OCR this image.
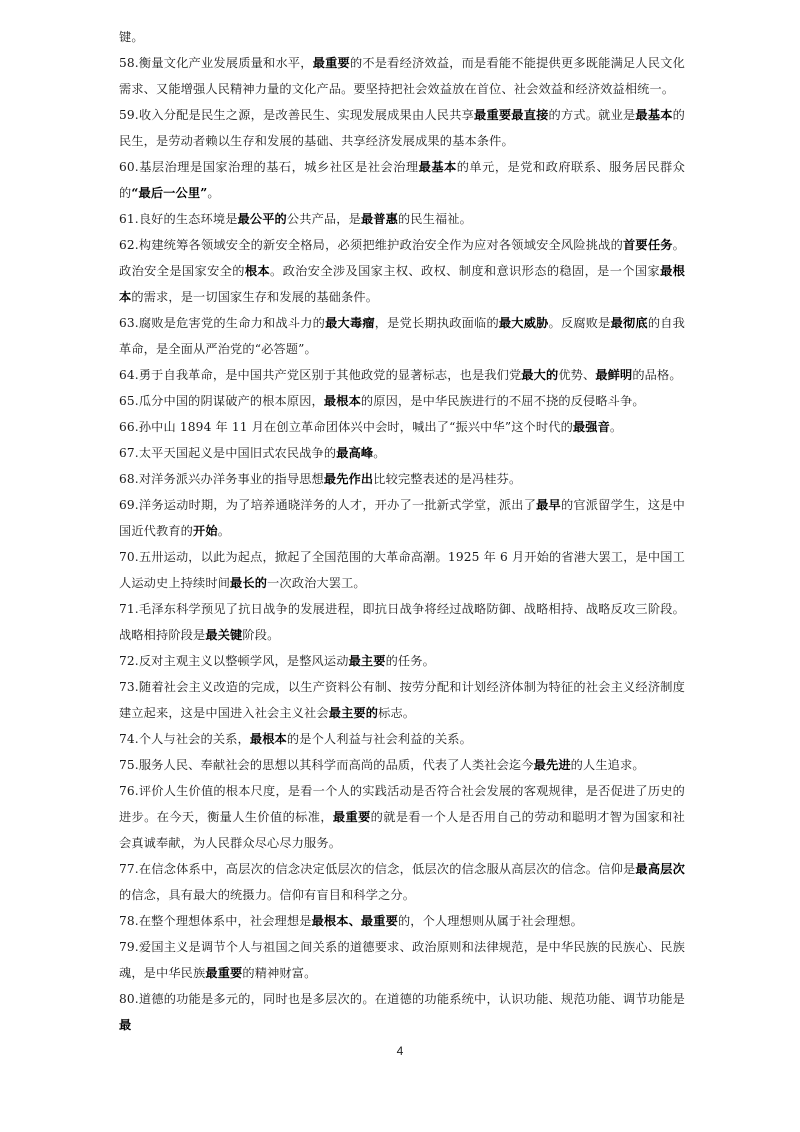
键。

58.衡量文化产业发展质量和水平，最重要的不是看经济效益，而是看能不能提供更多既能满足人民文化需求、又能增强人民精神力量的文化产品。要坚持把社会效益放在首位、社会效益和经济效益相统一。

59.收入分配是民生之源，是改善民生、实现发展成果由人民共享最重要最直接的方式。就业是最基本的民生，是劳动者赖以生存和发展的基础、共享经济发展成果的基本条件。

60.基层治理是国家治理的基石，城乡社区是社会治理最基本的单元，是党和政府联系、服务居民群众的“最后一公里”。

61.良好的生态环境是最公平的公共产品，是最普惠的民生福祉。

62.构建统筹各领域安全的新安全格局，必须把维护政治安全作为应对各领域安全风险挑战的首要任务。政治安全是国家安全的根本。政治安全涉及国家主权、政权、制度和意识形态的稳固，是一个国家最根本的需求，是一切国家生存和发展的基础条件。

63.腐败是危害党的生命力和战斗力的最大毒瘤，是党长期执政面临的最大威胁。反腐败是最彻底的自我革命，是全面从严治党的“必答题”。

64.勇于自我革命，是中国共产党区别于其他政党的显著标志，也是我们党最大的优势、最鲜明的品格。

65.瓜分中国的阴谋破产的根本原因，最根本的原因，是中华民族进行的不屈不挠的反侵略斗争。

66.孙中山 1894 年 11 月在创立革命团体兴中会时，喊出了“振兴中华”这个时代的最强音。

67.太平天国起义是中国旧式农民战争的最高峰。

68.对洋务派兴办洋务事业的指导思想最先作出比较完整表述的是冯桂芬。

69.洋务运动时期，为了培养通晓洋务的人才，开办了一批新式学堂，派出了最早的官派留学生，这是中国近代教育的开始。

70.五卅运动，以此为起点，掀起了全国范围的大革命高潮。1925 年 6 月开始的省港大罢工，是中国工人运动史上持续时间最长的一次政治大罢工。

71.毛泽东科学预见了抗日战争的发展进程，即抗日战争将经过战略防御、战略相持、战略反攻三阶段。战略相持阶段是最关键阶段。

72.反对主观主义以整顿学风，是整风运动最主要的任务。

73.随着社会主义改造的完成，以生产资料公有制、按劳分配和计划经济体制为特征的社会主义经济制度建立起来，这是中国进入社会主义社会最主要的标志。

74.个人与社会的关系，最根本的是个人利益与社会利益的关系。

75.服务人民、奉献社会的思想以其科学而高尚的品质，代表了人类社会迄今最先进的人生追求。

76.评价人生价值的根本尺度，是看一个人的实践活动是否符合社会发展的客观规律，是否促进了历史的进步。在今天，衡量人生价值的标准，最重要的就是看一个人是否用自己的劳动和聪明才智为国家和社会真诚奉献，为人民群众尽心尽力服务。

77.在信念体系中，高层次的信念决定低层次的信念，低层次的信念服从高层次的信念。信仰是最高层次的信念，具有最大的统摄力。信仰有盲目和科学之分。

78.在整个理想体系中，社会理想是最根本、最重要的，个人理想则从属于社会理想。

79.爱国主义是调节个人与祖国之间关系的道德要求、政治原则和法律规范，是中华民族的民族心、民族魂，是中华民族最重要的精神财富。

80.道德的功能是多元的，同时也是多层次的。在道德的功能系统中，认识功能、规范功能、调节功能是最

4
